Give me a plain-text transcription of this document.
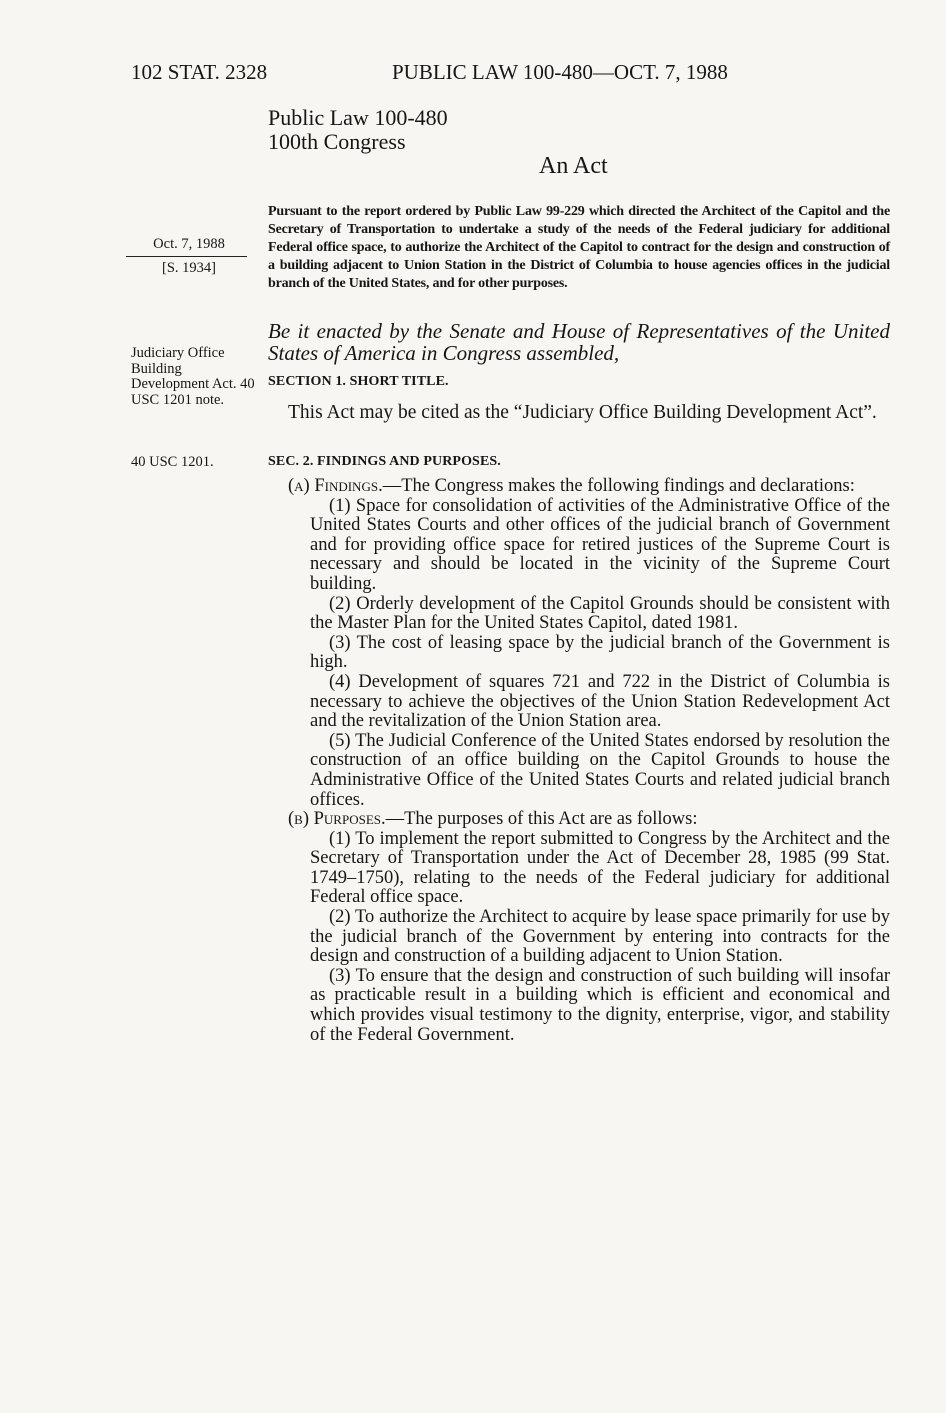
102 STAT. 2328	PUBLIC LAW 100-480—OCT. 7, 1988
Public Law 100-480
100th Congress
An Act
Oct. 7, 1988
[S. 1934]
Judiciary Office Building Development Act. 40 USC 1201 note.
40 USC 1201.
Pursuant to the report ordered by Public Law 99-229 which directed the Architect of the Capitol and the Secretary of Transportation to undertake a study of the needs of the Federal judiciary for additional Federal office space, to authorize the Architect of the Capitol to contract for the design and construction of a building adjacent to Union Station in the District of Columbia to house agencies offices in the judicial branch of the United States, and for other purposes.
Be it enacted by the Senate and House of Representatives of the United States of America in Congress assembled,
SECTION 1. SHORT TITLE.
This Act may be cited as the “Judiciary Office Building Development Act”.
SEC. 2. FINDINGS AND PURPOSES.

(a) Findings.—The Congress makes the following findings and declarations:

(1) Space for consolidation of activities of the Administrative Office of the United States Courts and other offices of the judicial branch of Government and for providing office space for retired justices of the Supreme Court is necessary and should be located in the vicinity of the Supreme Court building.

(2) Orderly development of the Capitol Grounds should be consistent with the Master Plan for the United States Capitol, dated 1981.

(3) The cost of leasing space by the judicial branch of the Government is high.

(4) Development of squares 721 and 722 in the District of Columbia is necessary to achieve the objectives of the Union Station Redevelopment Act and the revitalization of the Union Station area.

(5) The Judicial Conference of the United States endorsed by resolution the construction of an office building on the Capitol Grounds to house the Administrative Office of the United States Courts and related judicial branch offices.

(b) Purposes.—The purposes of this Act are as follows:

(1) To implement the report submitted to Congress by the Architect and the Secretary of Transportation under the Act of December 28, 1985 (99 Stat. 1749–1750), relating to the needs of the Federal judiciary for additional Federal office space.

(2) To authorize the Architect to acquire by lease space primarily for use by the judicial branch of the Government by entering into contracts for the design and construction of a building adjacent to Union Station.

(3) To ensure that the design and construction of such building will insofar as practicable result in a building which is efficient and economical and which provides visual testimony to the dignity, enterprise, vigor, and stability of the Federal Government.
